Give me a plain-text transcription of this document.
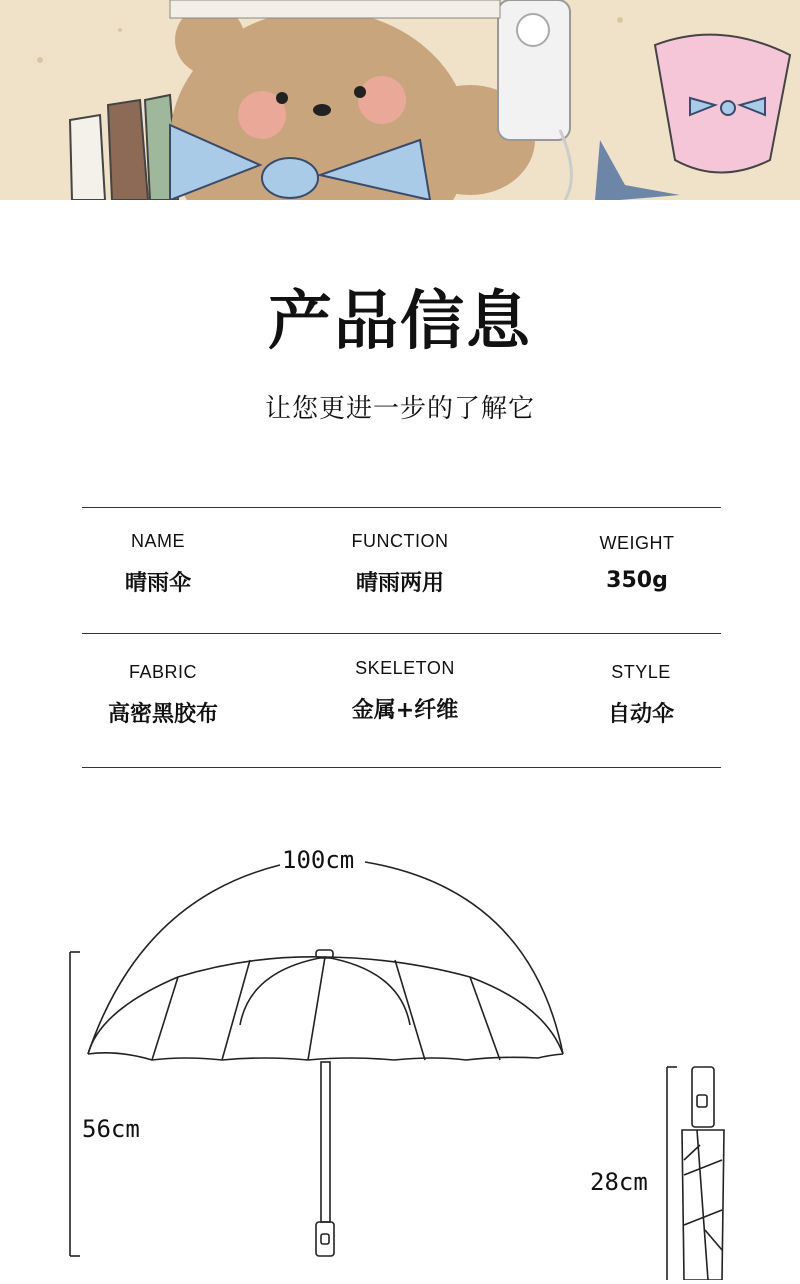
产品信息

让您更进一步的了解它

NAME
晴雨伞
FUNCTION
晴雨两用
WEIGHT
350g
FABRIC
高密黑胶布
SKELETON
金属+纤维
STYLE
自动伞
100cm
56cm
28cm
